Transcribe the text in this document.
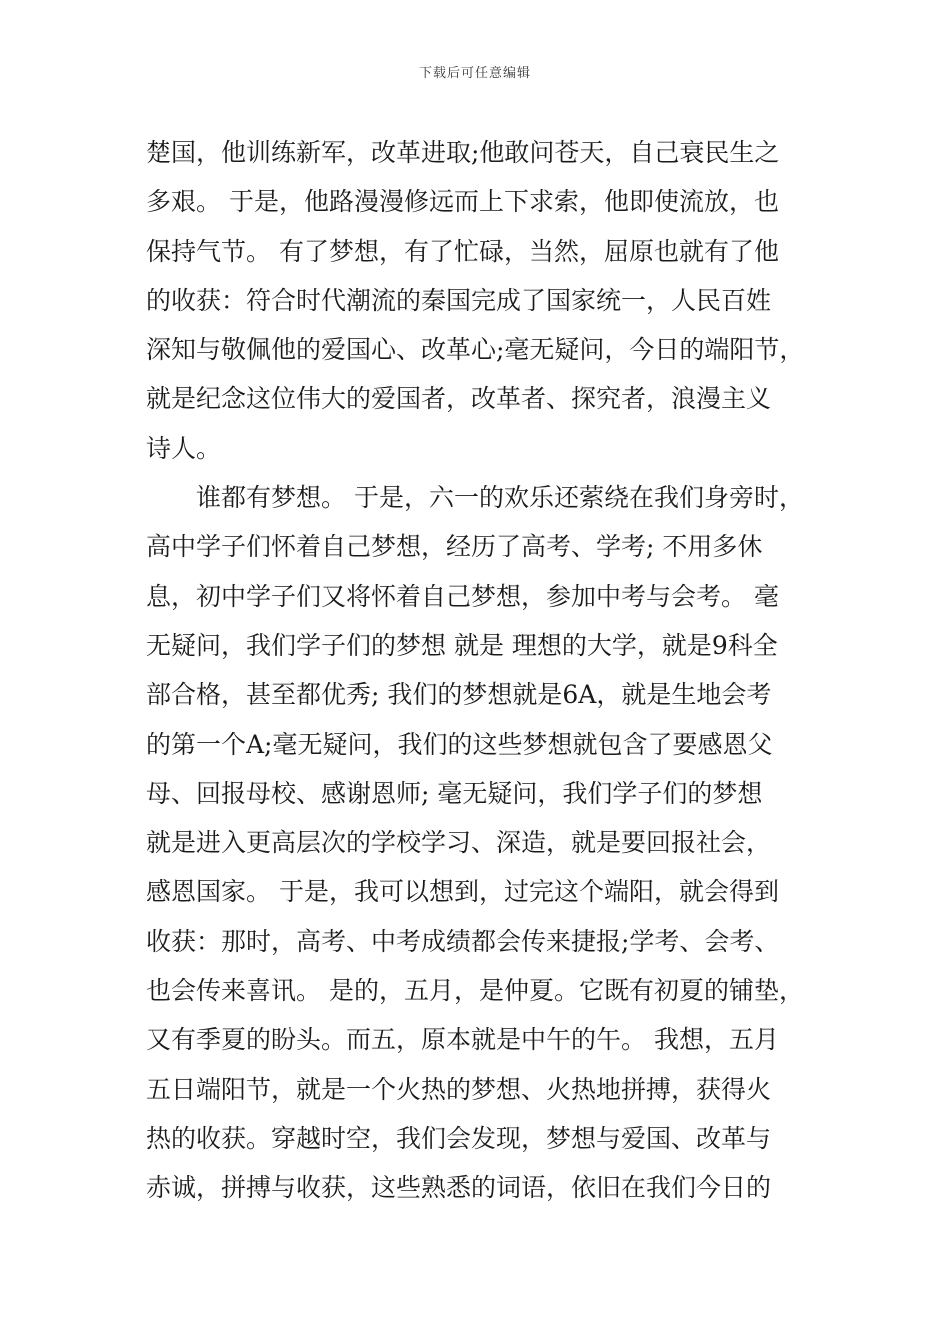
下载后可任意编辑
楚国，他训练新军，改革进取;他敢问苍天，自己衰民生之
多艰。 于是，他路漫漫修远而上下求索，他即使流放，也
保持气节。 有了梦想，有了忙碌，当然，屈原也就有了他
的收获：符合时代潮流的秦国完成了国家统一，人民百姓
深知与敬佩他的爱国心、改革心;毫无疑问，今日的端阳节，
就是纪念这位伟大的爱国者，改革者、探究者，浪漫主义
诗人。
　　谁都有梦想。 于是，六一的欢乐还萦绕在我们身旁时，
高中学子们怀着自己梦想，经历了高考、学考; 不用多休
息，初中学子们又将怀着自己梦想，参加中考与会考。 毫
无疑问，我们学子们的梦想 就是 理想的大学，就是9科全
部合格，甚至都优秀; 我们的梦想就是6A，就是生地会考
的第一个A;毫无疑问，我们的这些梦想就包含了要感恩父
母、回报母校、感谢恩师; 毫无疑问，我们学子们的梦想
就是进入更高层次的学校学习、深造，就是要回报社会，
感恩国家。 于是，我可以想到，过完这个端阳，就会得到
收获：那时，高考、中考成绩都会传来捷报;学考、会考、
也会传来喜讯。 是的，五月，是仲夏。它既有初夏的铺垫，
又有季夏的盼头。而五，原本就是中午的午。 我想，五月
五日端阳节，就是一个火热的梦想、火热地拼搏，获得火
热的收获。穿越时空，我们会发现，梦想与爱国、改革与
赤诚，拼搏与收获，这些熟悉的词语，依旧在我们今日的
